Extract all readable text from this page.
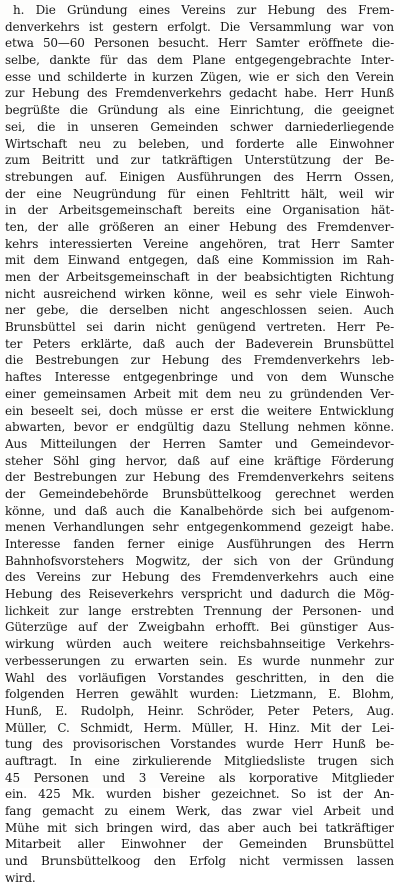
h. Die Gründung eines Vereins zur Hebung des Frem-
denverkehrs ist gestern erfolgt. Die Versammlung war von
etwa 50—60 Personen besucht. Herr Samter eröffnete die-
selbe, dankte für das dem Plane entgegengebrachte Inter-
esse und schilderte in kurzen Zügen, wie er sich den Verein
zur Hebung des Fremdenverkehrs gedacht habe. Herr Hunß
begrüßte die Gründung als eine Einrichtung, die geeignet
sei, die in unseren Gemeinden schwer darniederliegende
Wirtschaft neu zu beleben, und forderte alle Einwohner
zum Beitritt und zur tatkräftigen Unterstützung der Be-
strebungen auf. Einigen Ausführungen des Herrn Ossen,
der eine Neugründung für einen Fehltritt hält, weil wir
in der Arbeitsgemeinschaft bereits eine Organisation hät-
ten, der alle größeren an einer Hebung des Fremdenver-
kehrs interessierten Vereine angehören, trat Herr Samter
mit dem Einwand entgegen, daß eine Kommission im Rah-
men der Arbeitsgemeinschaft in der beabsichtigten Richtung
nicht ausreichend wirken könne, weil es sehr viele Einwoh-
ner gebe, die derselben nicht angeschlossen seien. Auch
Brunsbüttel sei darin nicht genügend vertreten. Herr Pe-
ter Peters erklärte, daß auch der Badeverein Brunsbüttel
die Bestrebungen zur Hebung des Fremdenverkehrs leb-
haftes Interesse entgegenbringe und von dem Wunsche
einer gemeinsamen Arbeit mit dem neu zu gründenden Ver-
ein beseelt sei, doch müsse er erst die weitere Entwicklung
abwarten, bevor er endgültig dazu Stellung nehmen könne.
Aus Mitteilungen der Herren Samter und Gemeindevor-
steher Söhl ging hervor, daß auf eine kräftige Förderung
der Bestrebungen zur Hebung des Fremdenverkehrs seitens
der Gemeindebehörde Brunsbüttelkoog gerechnet werden
könne, und daß auch die Kanalbehörde sich bei aufgenom-
menen Verhandlungen sehr entgegenkommend gezeigt habe.
Interesse fanden ferner einige Ausführungen des Herrn
Bahnhofsvorstehers Mogwitz, der sich von der Gründung
des Vereins zur Hebung des Fremdenverkehrs auch eine
Hebung des Reiseverkehrs verspricht und dadurch die Mög-
lichkeit zur lange erstrebten Trennung der Personen- und
Güterzüge auf der Zweigbahn erhofft. Bei günstiger Aus-
wirkung würden auch weitere reichsbahnseitige Verkehrs-
verbesserungen zu erwarten sein. Es wurde nunmehr zur
Wahl des vorläufigen Vorstandes geschritten, in den die
folgenden Herren gewählt wurden: Lietzmann, E. Blohm,
Hunß, E. Rudolph, Heinr. Schröder, Peter Peters, Aug.
Müller, C. Schmidt, Herm. Müller, H. Hinz. Mit der Lei-
tung des provisorischen Vorstandes wurde Herr Hunß be-
auftragt. In eine zirkulierende Mitgliedsliste trugen sich
45 Personen und 3 Vereine als korporative Mitglieder
ein. 425 Mk. wurden bisher gezeichnet. So ist der An-
fang gemacht zu einem Werk, das zwar viel Arbeit und
Mühe mit sich bringen wird, das aber auch bei tatkräftiger
Mitarbeit aller Einwohner der Gemeinden Brunsbüttel
und Brunsbüttelkoog den Erfolg nicht vermissen lassen
wird.
